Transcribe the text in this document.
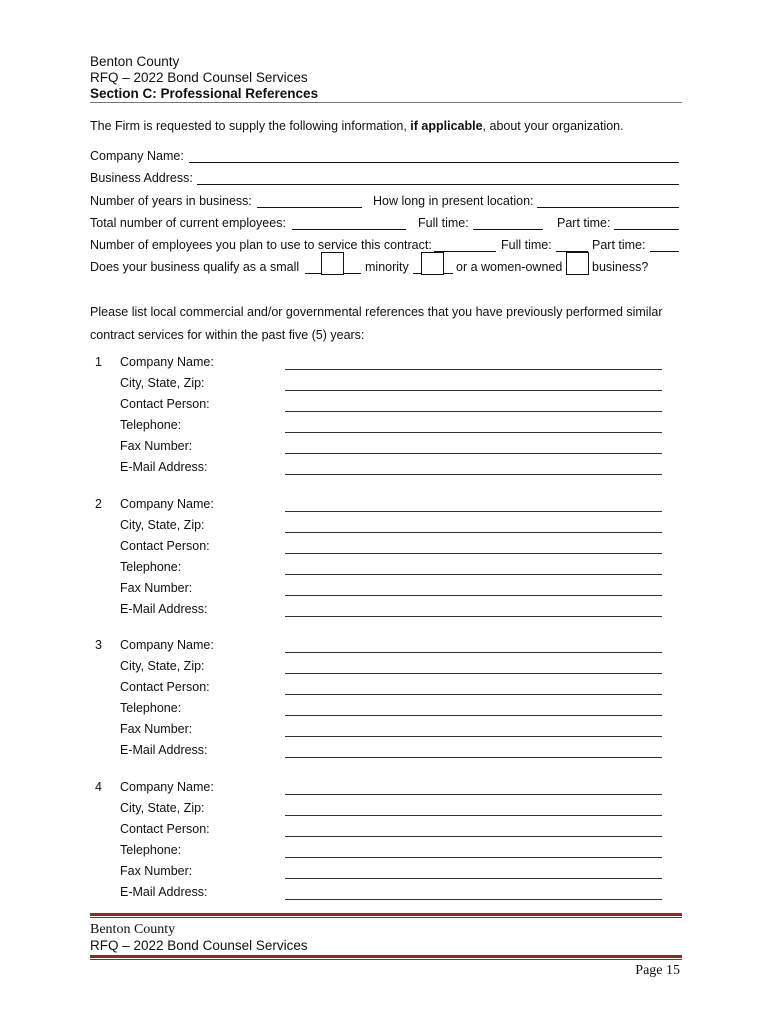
Benton County
RFQ – 2022 Bond Counsel Services
Section C: Professional References
The Firm is requested to supply the following information, if applicable, about your organization.
Company Name:
Business Address:
Number of years in business:	How long in present location:
Total number of current employees:	Full time:	Part time:
Number of employees you plan to use to service this contract:	Full time:	Part time:
Does your business qualify as a small	minority	or a women-owned business?
Please list local commercial and/or governmental references that you have previously performed similar
contract services for within the past five (5) years:
1 Company Name:
City, State, Zip:
Contact Person:
Telephone:
Fax Number:
E-Mail Address:
2 Company Name:
City, State, Zip:
Contact Person:
Telephone:
Fax Number:
E-Mail Address:
3 Company Name:
City, State, Zip:
Contact Person:
Telephone:
Fax Number:
E-Mail Address:
4 Company Name:
City, State, Zip:
Contact Person:
Telephone:
Fax Number:
E-Mail Address:
Benton County
RFQ – 2022 Bond Counsel Services
Page 15
